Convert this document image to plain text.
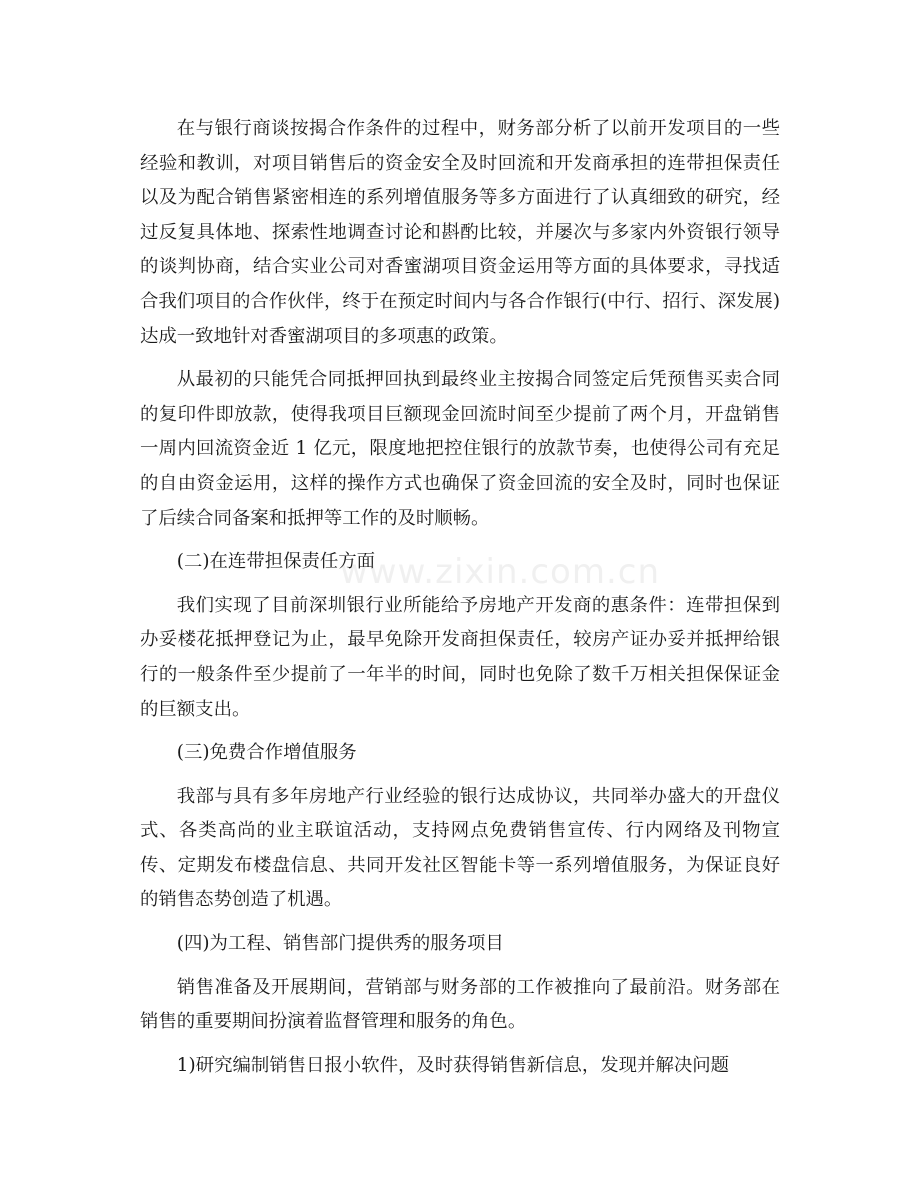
在与银行商谈按揭合作条件的过程中，财务部分析了以前开发项目的一些经验和教训，对项目销售后的资金安全及时回流和开发商承担的连带担保责任以及为配合销售紧密相连的系列增值服务等多方面进行了认真细致的研究，经过反复具体地、探索性地调查讨论和斟酌比较，并屡次与多家内外资银行领导的谈判协商，结合实业公司对香蜜湖项目资金运用等方面的具体要求，寻找适合我们项目的合作伙伴，终于在预定时间内与各合作银行(中行、招行、深发展)达成一致地针对香蜜湖项目的多项惠的政策。

从最初的只能凭合同抵押回执到最终业主按揭合同签定后凭预售买卖合同的复印件即放款，使得我项目巨额现金回流时间至少提前了两个月，开盘销售一周内回流资金近 1 亿元，限度地把控住银行的放款节奏，也使得公司有充足的自由资金运用，这样的操作方式也确保了资金回流的安全及时，同时也保证了后续合同备案和抵押等工作的及时顺畅。

(二)在连带担保责任方面

我们实现了目前深圳银行业所能给予房地产开发商的惠条件：连带担保到办妥楼花抵押登记为止，最早免除开发商担保责任，较房产证办妥并抵押给银行的一般条件至少提前了一年半的时间，同时也免除了数千万相关担保保证金的巨额支出。

(三)免费合作增值服务

我部与具有多年房地产行业经验的银行达成协议，共同举办盛大的开盘仪式、各类高尚的业主联谊活动，支持网点免费销售宣传、行内网络及刊物宣传、定期发布楼盘信息、共同开发社区智能卡等一系列增值服务，为保证良好的销售态势创造了机遇。

(四)为工程、销售部门提供秀的服务项目

销售准备及开展期间，营销部与财务部的工作被推向了最前沿。财务部在销售的重要期间扮演着监督管理和服务的角色。

1)研究编制销售日报小软件，及时获得销售新信息，发现并解决问题

www.zixin.com.cn
